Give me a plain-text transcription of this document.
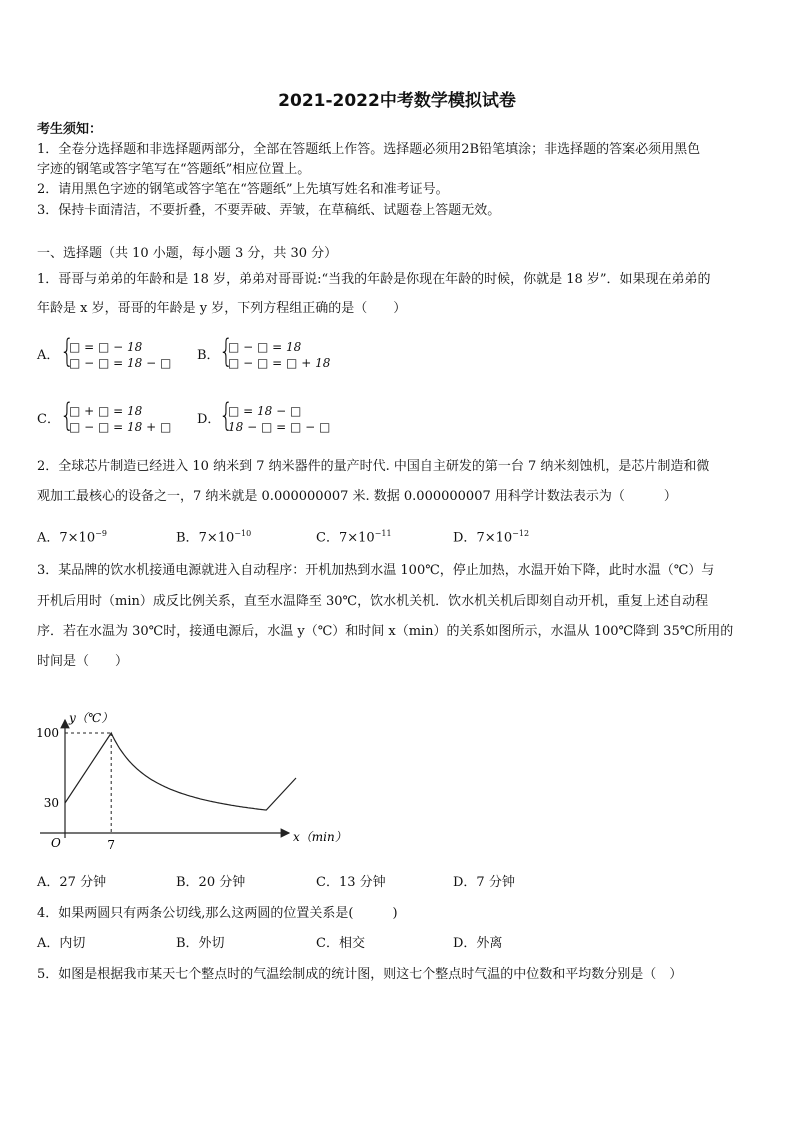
2021-2022中考数学模拟试卷
考生须知：
1．全卷分选择题和非选择题两部分，全部在答题纸上作答。选择题必须用2B铅笔填涂；非选择题的答案必须用黑色
字迹的钢笔或答字笔写在“答题纸”相应位置上。
2．请用黑色字迹的钢笔或答字笔在“答题纸”上先填写姓名和准考证号。
3．保持卡面清洁，不要折叠，不要弄破、弄皱，在草稿纸、试题卷上答题无效。
一、选择题（共 10 小题，每小题 3 分，共 30 分）
1．哥哥与弟弟的年龄和是 18 岁，弟弟对哥哥说:“当我的年龄是你现在年龄的时候，你就是 18 岁”．如果现在弟弟的
年龄是 x 岁，哥哥的年龄是 y 岁，下列方程组正确的是（　　）
A． {
□ = □ − 18
□ − □ = 18 − □ B． {
□ − □ = 18
□ − □ = □ + 18
C． {
□ + □ = 18
□ − □ = 18 + □ D．
{
□ = 18 − □
18 − □ = □ − □
2．全球芯片制造已经进入 10 纳米到 7 纳米器件的量产时代. 中国自主研发的第一台 7 纳米刻蚀机，是芯片制造和微
观加工最核心的设备之一，7 纳米就是 0.000000007 米. 数据 0.000000007 用科学计数法表示为（　　　）
A．$7\times 10^{-9}$	B．$7\times 10^{-10}$	C．$7\times 10^{-11}$	D．$7\times 10^{-12}$
3．某品牌的饮水机接通电源就进入自动程序：开机加热到水温 100℃，停止加热，水温开始下降，此时水温（℃）与
开机后用时（min）成反比例关系，直至水温降至 30℃，饮水机关机．饮水机关机后即刻自动开机，重复上述自动程
序．若在水温为 30℃时，接通电源后，水温 y（℃）和时间 x（min）的关系如图所示，水温从 100℃降到 35℃所用的
时间是（　　）
y（℃）
x（min）
O
30
100
7
A．27 分钟	B．20 分钟	C．13 分钟	D．7 分钟
4．如果两圆只有两条公切线,那么这两圆的位置关系是(　　　)
A．内切	B．外切	C．相交	D．外离
5．如图是根据我市某天七个整点时的气温绘制成的统计图，则这七个整点时气温的中位数和平均数分别是（　）
